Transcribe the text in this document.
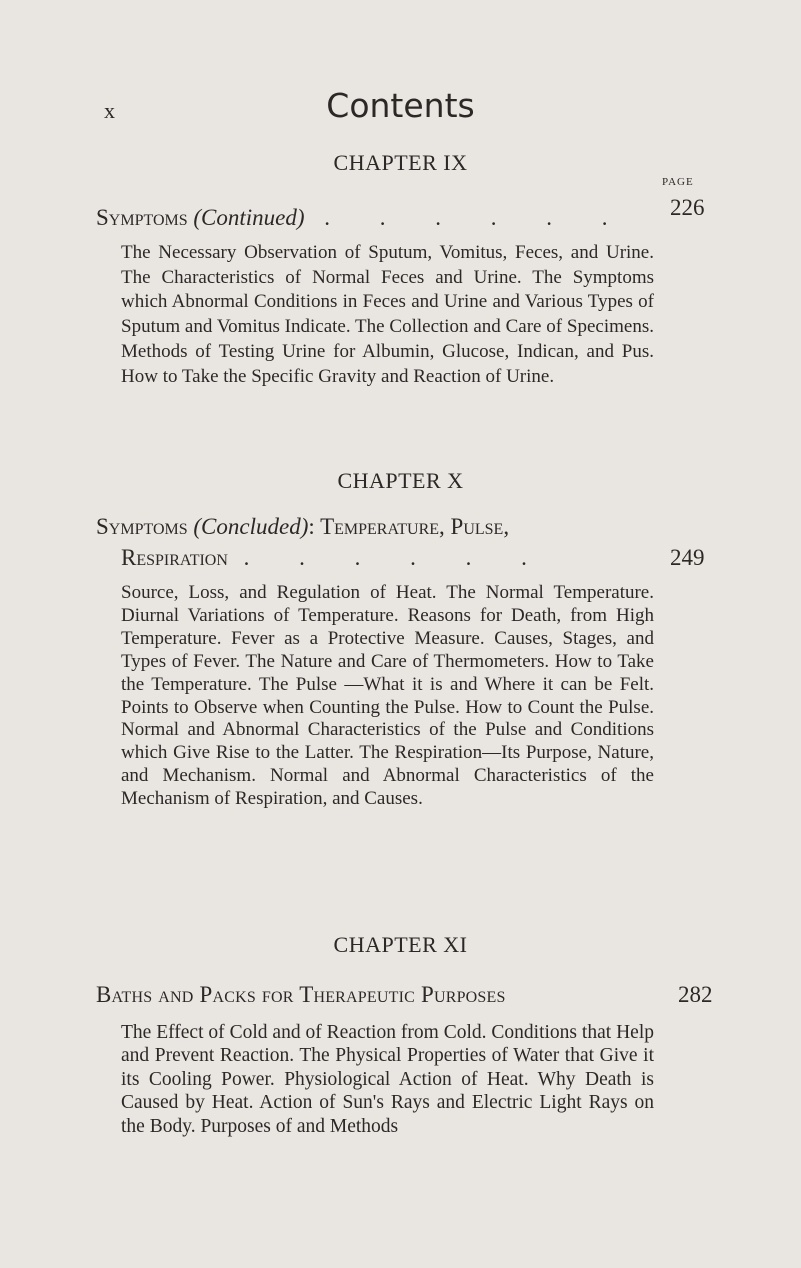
x	Contents
CHAPTER IX
PAGE
Symptoms (Continued) . . . . . . 226
The Necessary Observation of Sputum, Vomitus, Feces, and Urine. The Characteristics of Normal Feces and Urine. The Symptoms which Abnormal Conditions in Feces and Urine and Various Types of Sputum and Vomitus Indicate. The Collection and Care of Specimens. Methods of Testing Urine for Albumin, Glucose, Indican, and Pus. How to Take the Specific Gravity and Reaction of Urine.
CHAPTER X
Symptoms (Concluded): Temperature, Pulse,
Respiration . . . . . .	249
Source, Loss, and Regulation of Heat. The Normal Temperature. Diurnal Variations of Temperature. Reasons for Death, from High Temperature. Fever as a Protective Measure. Causes, Stages, and Types of Fever. The Nature and Care of Thermometers. How to Take the Temperature. The Pulse —What it is and Where it can be Felt. Points to Observe when Counting the Pulse. How to Count the Pulse. Normal and Abnormal Characteristics of the Pulse and Conditions which Give Rise to the Latter. The Respiration—Its Purpose, Nature, and Mechanism. Normal and Abnormal Characteristics of the Mechanism of Respiration, and Causes.
CHAPTER XI
Baths and Packs for Therapeutic Purposes	282
The Effect of Cold and of Reaction from Cold. Conditions that Help and Prevent Reaction. The Physical Properties of Water that Give it its Cooling Power. Physiological Action of Heat. Why Death is Caused by Heat. Action of Sun's Rays and Electric Light Rays on the Body. Purposes of and Methods
